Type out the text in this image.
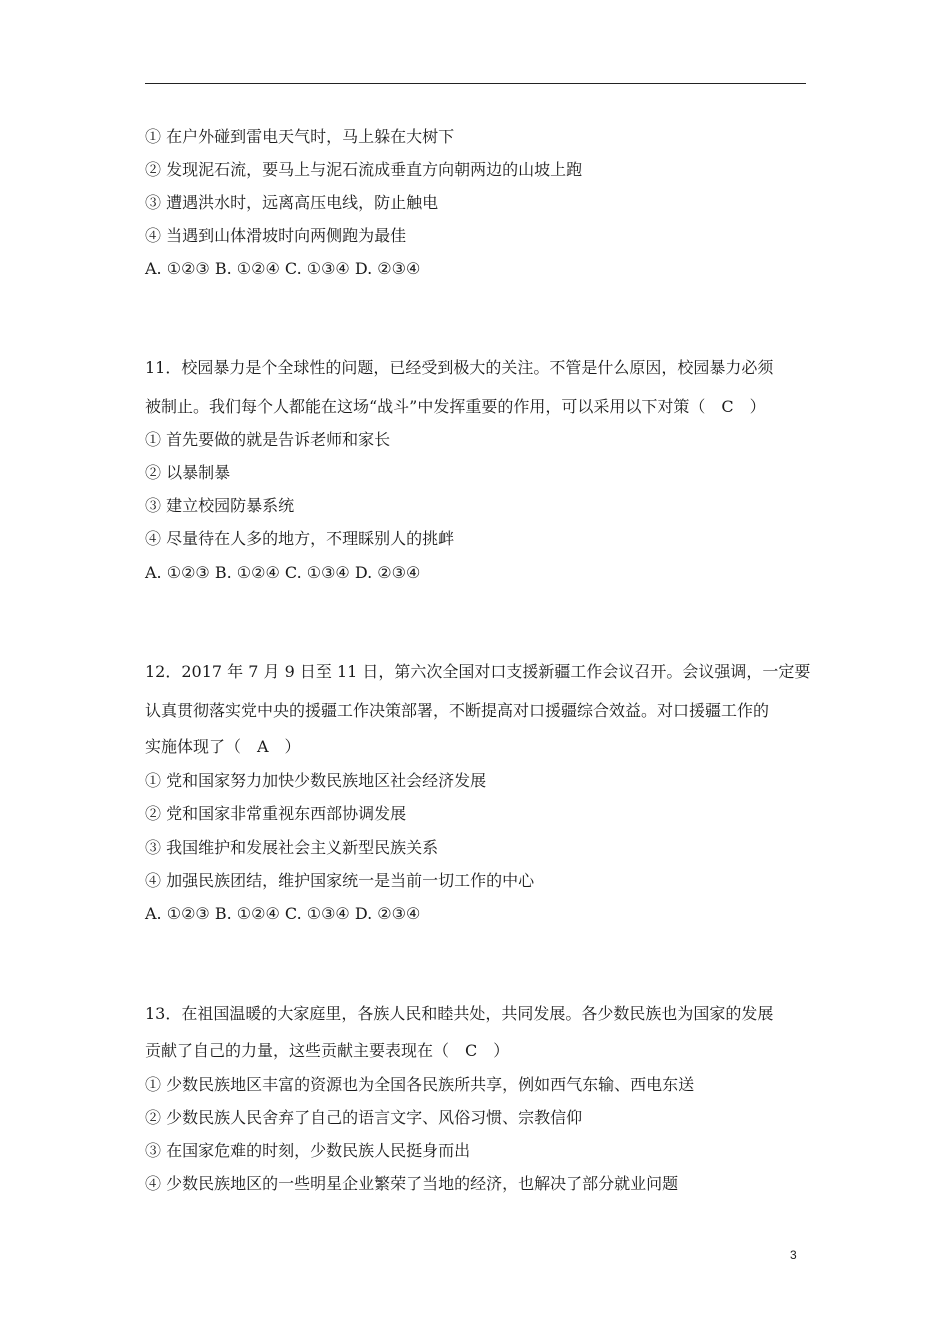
① 在户外碰到雷电天气时，马上躲在大树下
② 发现泥石流，要马上与泥石流成垂直方向朝两边的山坡上跑
③ 遭遇洪水时，远离高压电线，防止触电
④ 当遇到山体滑坡时向两侧跑为最佳
A. ①②③ B. ①②④ C. ①③④ D. ②③④
11．校园暴力是个全球性的问题，已经受到极大的关注。不管是什么原因，校园暴力必须
被制止。我们每个人都能在这场“战斗”中发挥重要的作用，可以采用以下对策（　C　）
① 首先要做的就是告诉老师和家长
② 以暴制暴
③ 建立校园防暴系统
④ 尽量待在人多的地方，不理睬别人的挑衅
A. ①②③ B. ①②④ C. ①③④ D. ②③④
12．2017 年 7 月 9 日至 11 日，第六次全国对口支援新疆工作会议召开。会议强调，一定要
认真贯彻落实党中央的援疆工作决策部署，不断提高对口援疆综合效益。对口援疆工作的
实施体现了（　A　）
① 党和国家努力加快少数民族地区社会经济发展
② 党和国家非常重视东西部协调发展
③ 我国维护和发展社会主义新型民族关系
④ 加强民族团结，维护国家统一是当前一切工作的中心
A. ①②③ B. ①②④ C. ①③④ D. ②③④
13．在祖国温暖的大家庭里，各族人民和睦共处，共同发展。各少数民族也为国家的发展
贡献了自己的力量，这些贡献主要表现在（　C　）
① 少数民族地区丰富的资源也为全国各民族所共享，例如西气东输、西电东送
② 少数民族人民舍弃了自己的语言文字、风俗习惯、宗教信仰
③ 在国家危难的时刻，少数民族人民挺身而出
④ 少数民族地区的一些明星企业繁荣了当地的经济，也解决了部分就业问题
3
